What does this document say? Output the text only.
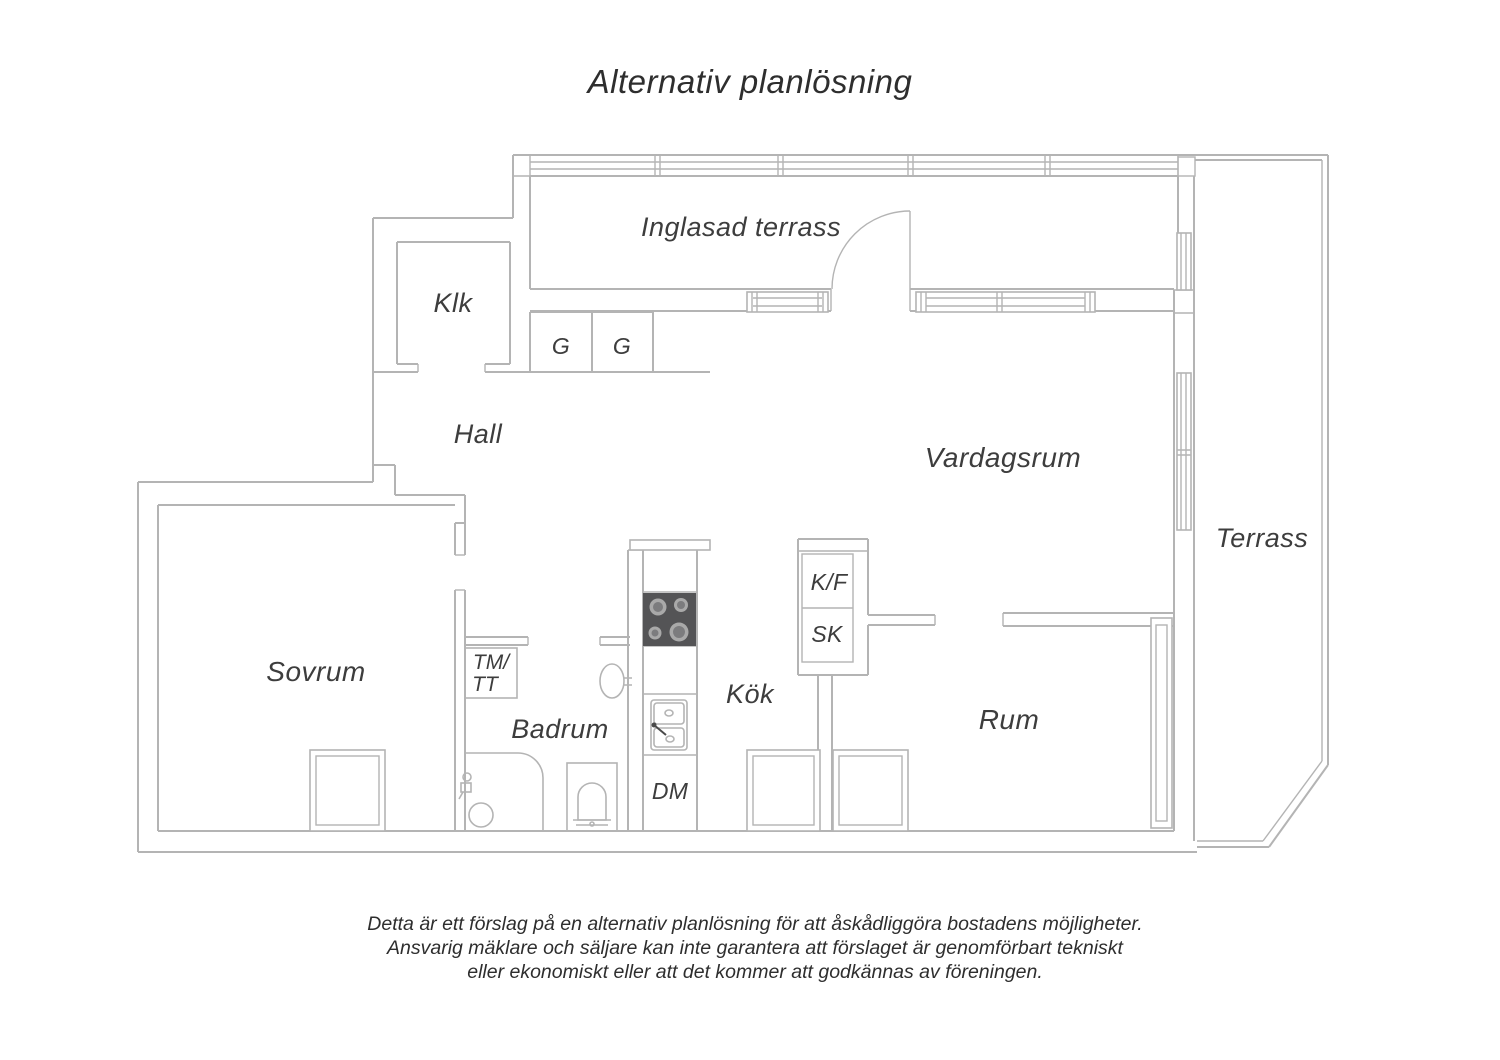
Alternativ planlösning
Inglasad terrass
Klk
Hall
Vardagsrum
Terrass
Sovrum
Badrum
Kök
Rum
G G
TM/
TT
K/F
SK
DM
Detta är ett förslag på en alternativ planlösning för att åskådliggöra bostadens möjligheter.
Ansvarig mäklare och säljare kan inte garantera att förslaget är genomförbart tekniskt
eller ekonomiskt eller att det kommer att godkännas av föreningen.
